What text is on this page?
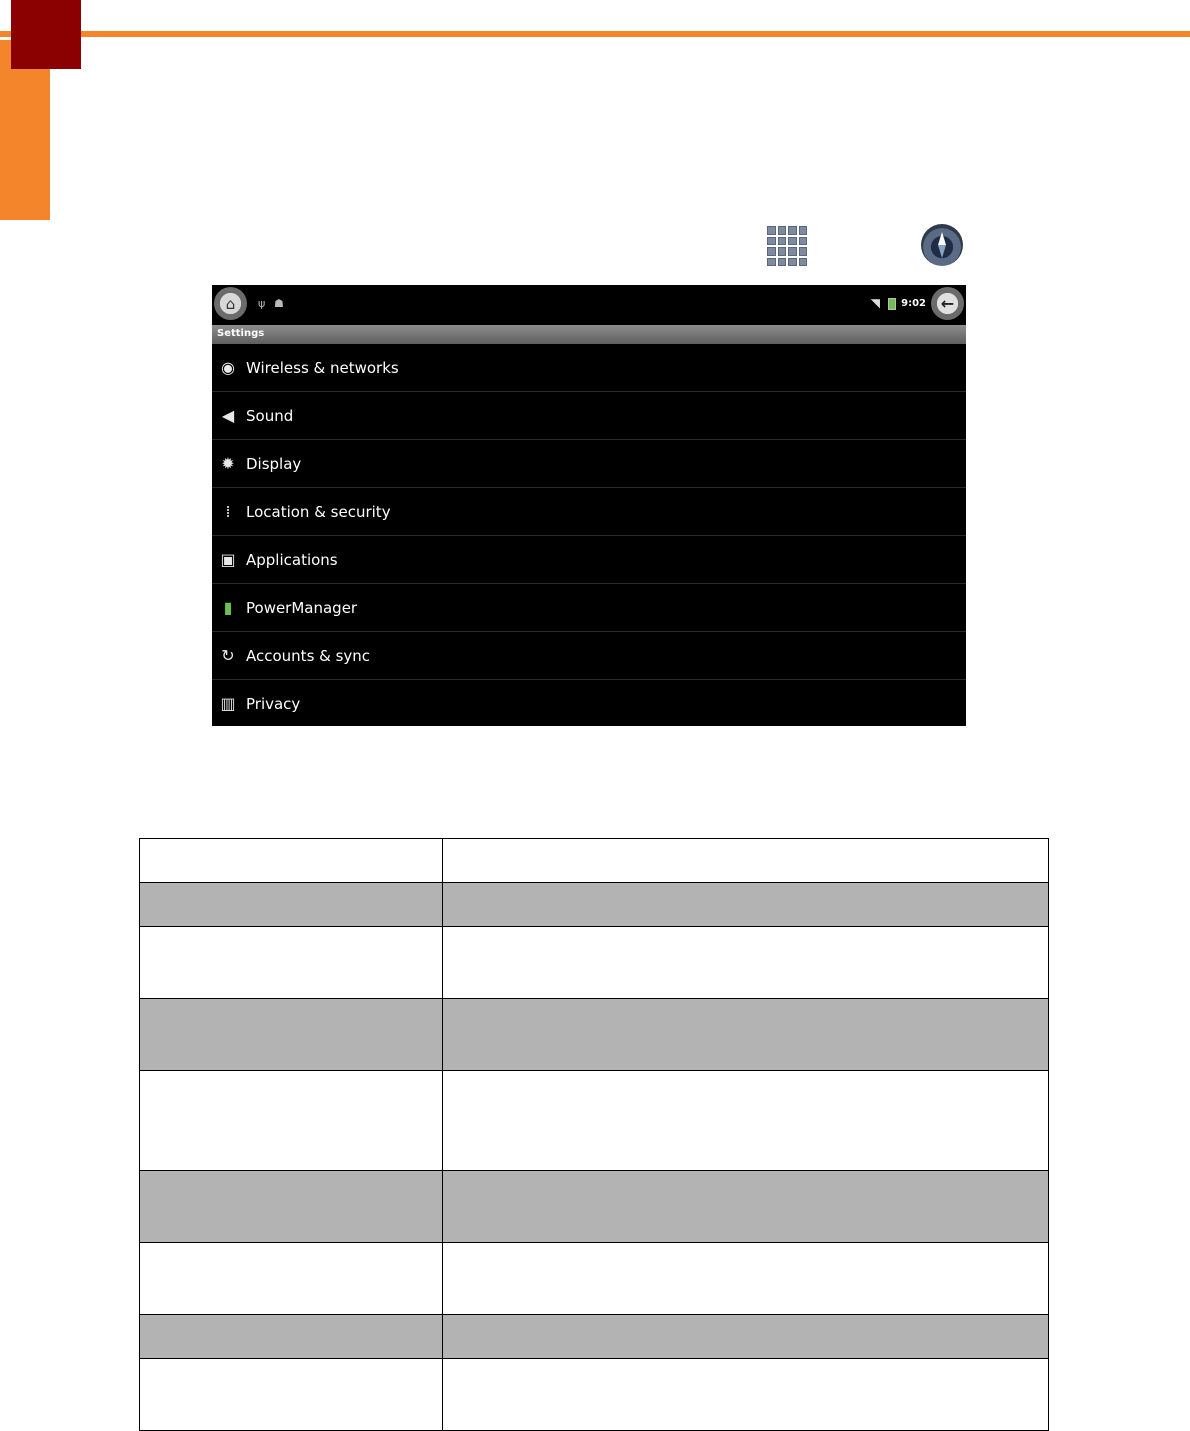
⌂	ψ ☗	◥ 9:02 ←
Settings
◉ Wireless & networks
◀ Sound
✹ Display
⁞	Location & security
▣ Applications
▮ PowerManager
↻ Accounts & sync
▥ Privacy
